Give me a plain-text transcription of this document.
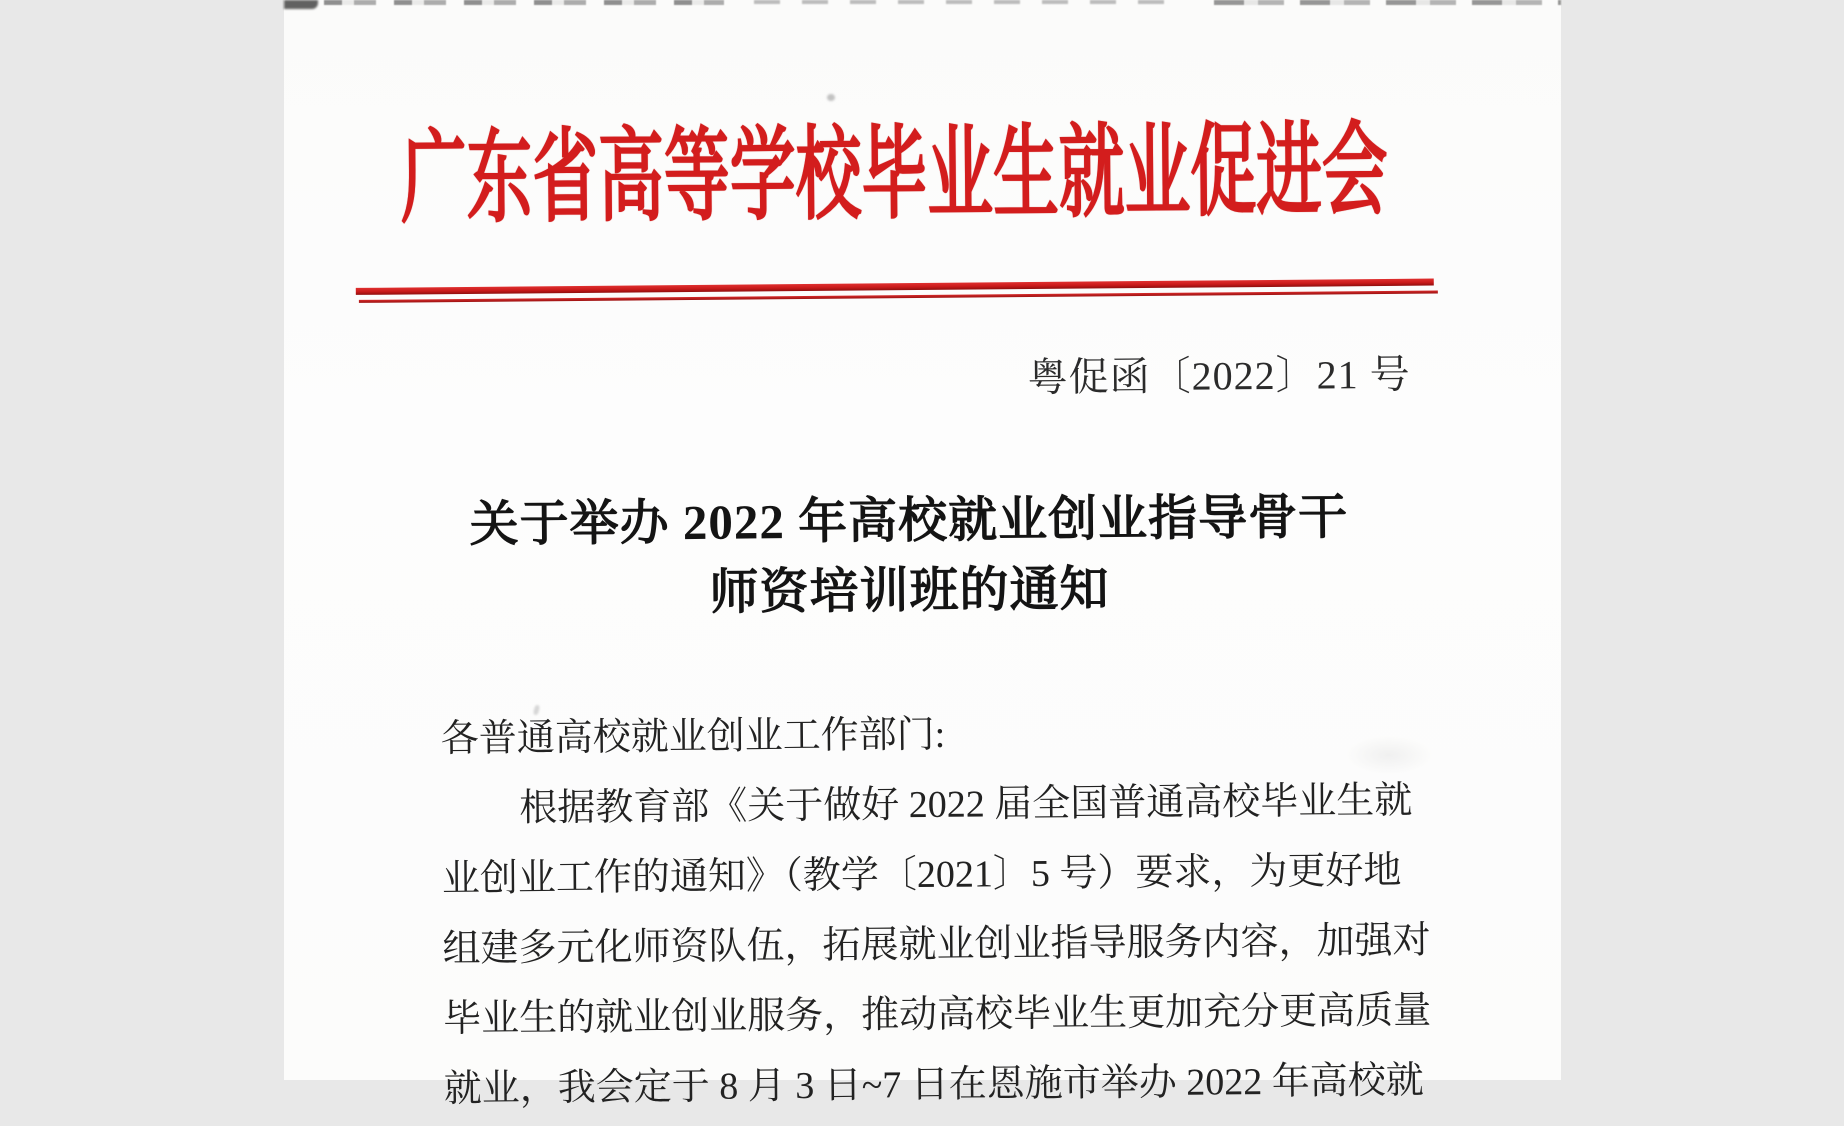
广东省高等学校毕业生就业促进会
粤促函〔2022〕21 号
关于举办 2022 年高校就业创业指导骨干
师资培训班的通知
各普通高校就业创业工作部门:
根据教育部《关于做好 2022 届全国普通高校毕业生就
业创业工作的通知》（教学〔2021〕5 号）要求，为更好地
组建多元化师资队伍，拓展就业创业指导服务内容，加强对
毕业生的就业创业服务，推动高校毕业生更加充分更高质量
就业，我会定于 8 月 3 日~7 日在恩施市举办 2022 年高校就
